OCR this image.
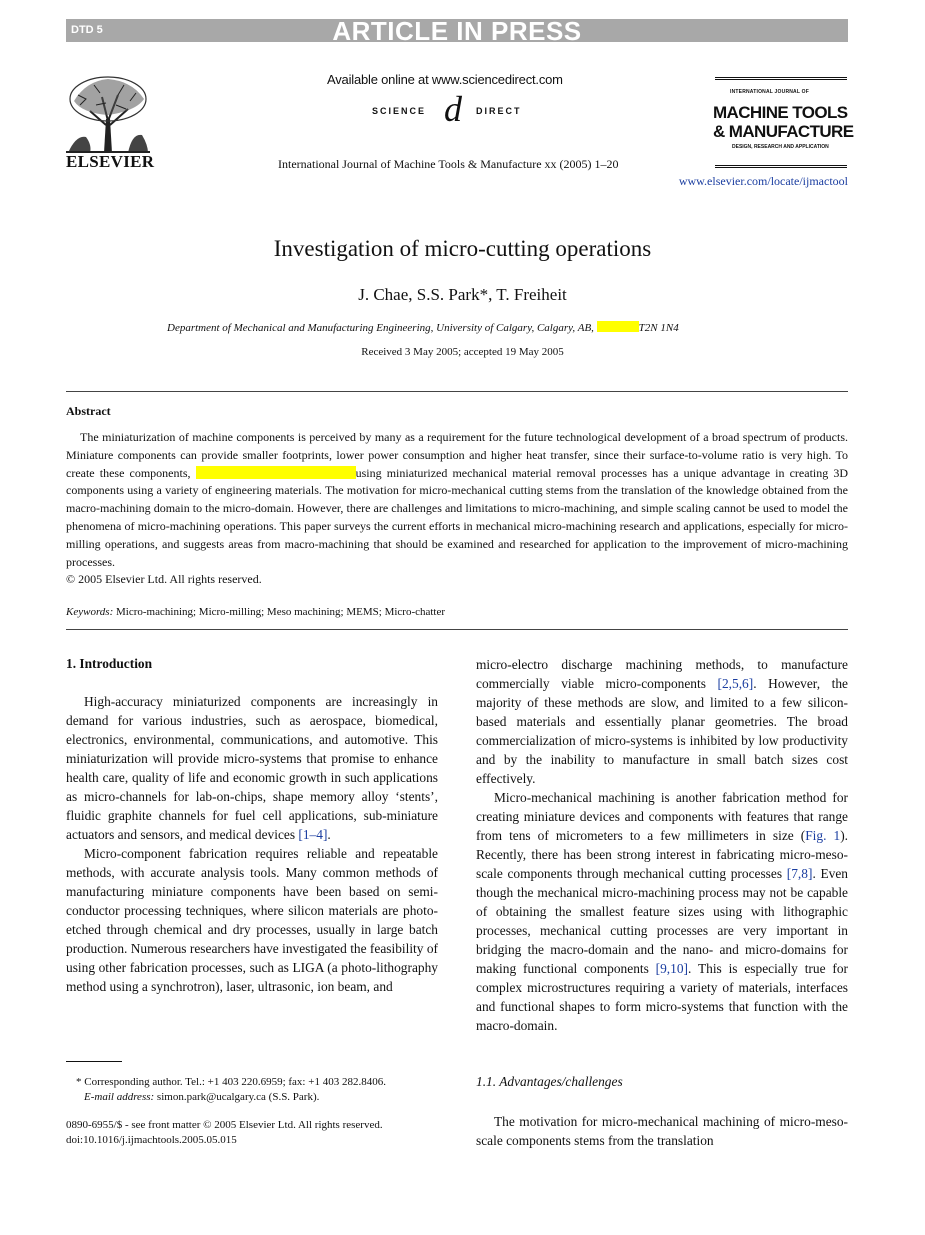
DTD 5	ARTICLE IN PRESS
ELSEVIER
Available online at www.sciencedirect.com
SCIENCE d DIRECT
International Journal of Machine Tools & Manufacture xx (2005) 1–20
INTERNATIONAL JOURNAL OF
MACHINE TOOLS
& MANUFACTURE
DESIGN, RESEARCH AND APPLICATION
www.elsevier.com/locate/ijmactool
Investigation of micro-cutting operations
J. Chae, S.S. Park*, T. Freiheit
Department of Mechanical and Manufacturing Engineering, University of Calgary, Calgary, AB,	T2N 1N4
Received 3 May 2005; accepted 19 May 2005
Abstract

The miniaturization of machine components is perceived by many as a requirement for the future technological development of a broad spectrum of products. Miniature components can provide smaller footprints, lower power consumption and higher heat transfer, since their surface-to-volume ratio is very high. To create these components,	using miniaturized mechanical material removal processes has a unique advantage in creating 3D components using a variety of engineering materials. The motivation for micro-mechanical cutting stems from the translation of the knowledge obtained from the macro-machining domain to the micro-domain. However, there are challenges and limitations to micro-machining, and simple scaling cannot be used to model the phenomena of micro-machining operations. This paper surveys the current efforts in mechanical micro-machining research and applications, especially for micro-milling operations, and suggests areas from macro-machining that should be examined and researched for application to the improvement of micro-machining processes.

© 2005 Elsevier Ltd. All rights reserved.
Keywords: Micro-machining; Micro-milling; Meso machining; MEMS; Micro-chatter
1. Introduction

High-accuracy miniaturized components are increasingly in demand for various industries, such as aerospace, biomedical, electronics, environmental, communications, and automotive. This miniaturization will provide micro-systems that promise to enhance health care, quality of life and economic growth in such applications as micro-channels for lab-on-chips, shape memory alloy ‘stents’, fluidic graphite channels for fuel cell applications, sub-miniature actuators and sensors, and medical devices [1–4].

Micro-component fabrication requires reliable and repeatable methods, with accurate analysis tools. Many common methods of manufacturing miniature components have been based on semi-conductor processing techniques, where silicon materials are photo-etched through chemical and dry processes, usually in large batch production. Numerous researchers have investigated the feasibility of using other fabrication processes, such as LIGA (a photo-lithography method using a synchrotron), laser, ultrasonic, ion beam, and

* Corresponding author. Tel.: +1 403 220.6959; fax: +1 403 282.8406.
E-mail address: simon.park@ucalgary.ca (S.S. Park).
0890-6955/$ - see front matter © 2005 Elsevier Ltd. All rights reserved.
doi:10.1016/j.ijmachtools.2005.05.015

micro-electro discharge machining methods, to manufacture commercially viable micro-components [2,5,6]. However, the majority of these methods are slow, and limited to a few silicon-based materials and essentially planar geometries. The broad commercialization of micro-systems is inhibited by low productivity and by the inability to manufacture in small batch sizes cost effectively.

Micro-mechanical machining is another fabrication method for creating miniature devices and components with features that range from tens of micrometers to a few millimeters in size (Fig. 1). Recently, there has been strong interest in fabricating micro-meso-scale components through mechanical cutting processes [7,8]. Even though the mechanical micro-machining process may not be capable of obtaining the smallest feature sizes using with lithographic processes, mechanical cutting processes are very important in bridging the macro-domain and the nano- and micro-domains for making functional components [9,10]. This is especially true for complex microstructures requiring a variety of materials, interfaces and functional shapes to form micro-systems that function with the macro-domain.

1.1. Advantages/challenges

The motivation for micro-mechanical machining of micro-meso-scale components stems from the translation
